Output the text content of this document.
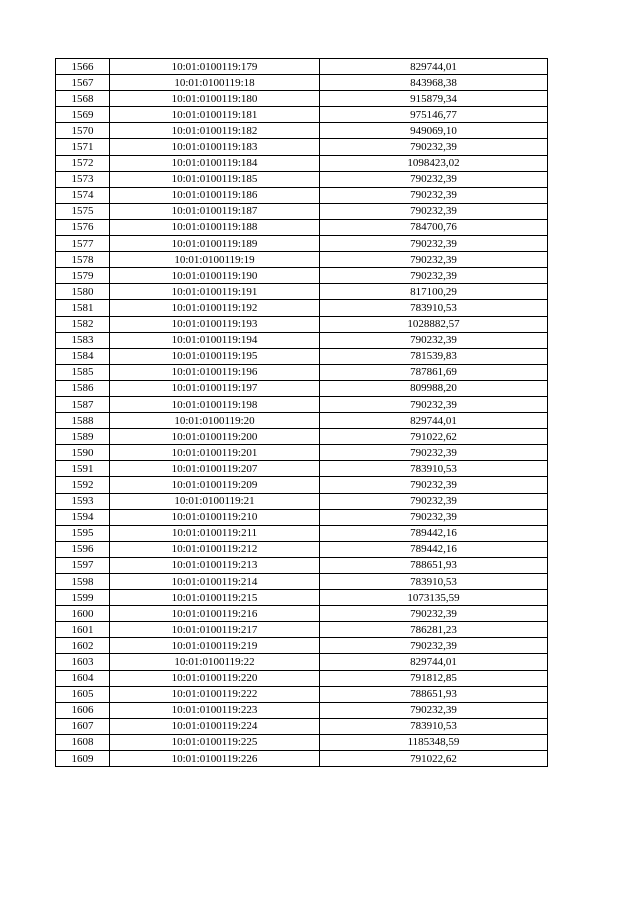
1566	10:01:0100119:179	829744,01
1567	10:01:0100119:18	843968,38
1568	10:01:0100119:180	915879,34
1569	10:01:0100119:181	975146,77
1570	10:01:0100119:182	949069,10
1571	10:01:0100119:183	790232,39
1572	10:01:0100119:184	1098423,02
1573	10:01:0100119:185	790232,39
1574	10:01:0100119:186	790232,39
1575	10:01:0100119:187	790232,39
1576	10:01:0100119:188	784700,76
1577	10:01:0100119:189	790232,39
1578	10:01:0100119:19	790232,39
1579	10:01:0100119:190	790232,39
1580	10:01:0100119:191	817100,29
1581	10:01:0100119:192	783910,53
1582	10:01:0100119:193	1028882,57
1583	10:01:0100119:194	790232,39
1584	10:01:0100119:195	781539,83
1585	10:01:0100119:196	787861,69
1586	10:01:0100119:197	809988,20
1587	10:01:0100119:198	790232,39
1588	10:01:0100119:20	829744,01
1589	10:01:0100119:200	791022,62
1590	10:01:0100119:201	790232,39
1591	10:01:0100119:207	783910,53
1592	10:01:0100119:209	790232,39
1593	10:01:0100119:21	790232,39
1594	10:01:0100119:210	790232,39
1595	10:01:0100119:211	789442,16
1596	10:01:0100119:212	789442,16
1597	10:01:0100119:213	788651,93
1598	10:01:0100119:214	783910,53
1599	10:01:0100119:215	1073135,59
1600	10:01:0100119:216	790232,39
1601	10:01:0100119:217	786281,23
1602	10:01:0100119:219	790232,39
1603	10:01:0100119:22	829744,01
1604	10:01:0100119:220	791812,85
1605	10:01:0100119:222	788651,93
1606	10:01:0100119:223	790232,39
1607	10:01:0100119:224	783910,53
1608	10:01:0100119:225	1185348,59
1609	10:01:0100119:226	791022,62
